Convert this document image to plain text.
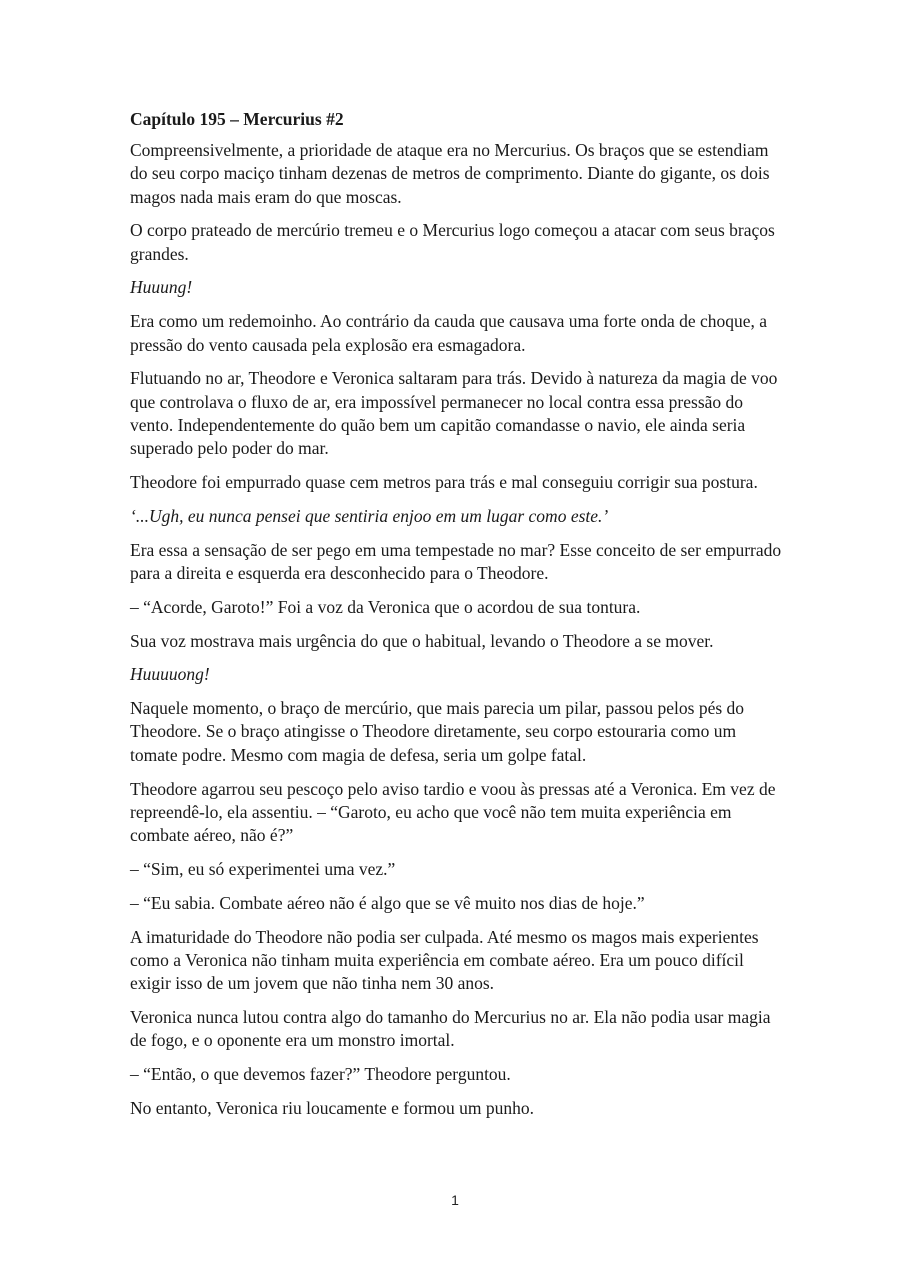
Capítulo 195 – Mercurius #2

Compreensivelmente, a prioridade de ataque era no Mercurius. Os braços que se estendiam do seu corpo maciço tinham dezenas de metros de comprimento. Diante do gigante, os dois magos nada mais eram do que moscas.

O corpo prateado de mercúrio tremeu e o Mercurius logo começou a atacar com seus braços grandes.

Huuung!

Era como um redemoinho. Ao contrário da cauda que causava uma forte onda de choque, a pressão do vento causada pela explosão era esmagadora.

Flutuando no ar, Theodore e Veronica saltaram para trás. Devido à natureza da magia de voo que controlava o fluxo de ar, era impossível permanecer no local contra essa pressão do vento. Independentemente do quão bem um capitão comandasse o navio, ele ainda seria superado pelo poder do mar.

Theodore foi empurrado quase cem metros para trás e mal conseguiu corrigir sua postura.

‘...Ugh, eu nunca pensei que sentiria enjoo em um lugar como este.’

Era essa a sensação de ser pego em uma tempestade no mar? Esse conceito de ser empurrado para a direita e esquerda era desconhecido para o Theodore.

– “Acorde, Garoto!” Foi a voz da Veronica que o acordou de sua tontura.

Sua voz mostrava mais urgência do que o habitual, levando o Theodore a se mover.

Huuuuong!

Naquele momento, o braço de mercúrio, que mais parecia um pilar, passou pelos pés do Theodore. Se o braço atingisse o Theodore diretamente, seu corpo estouraria como um tomate podre. Mesmo com magia de defesa, seria um golpe fatal.

Theodore agarrou seu pescoço pelo aviso tardio e voou às pressas até a Veronica. Em vez de repreendê-lo, ela assentiu. – “Garoto, eu acho que você não tem muita experiência em combate aéreo, não é?”

– “Sim, eu só experimentei uma vez.”

– “Eu sabia. Combate aéreo não é algo que se vê muito nos dias de hoje.”

A imaturidade do Theodore não podia ser culpada. Até mesmo os magos mais experientes como a Veronica não tinham muita experiência em combate aéreo. Era um pouco difícil exigir isso de um jovem que não tinha nem 30 anos.

Veronica nunca lutou contra algo do tamanho do Mercurius no ar. Ela não podia usar magia de fogo, e o oponente era um monstro imortal.

– “Então, o que devemos fazer?” Theodore perguntou.

No entanto, Veronica riu loucamente e formou um punho.

1
